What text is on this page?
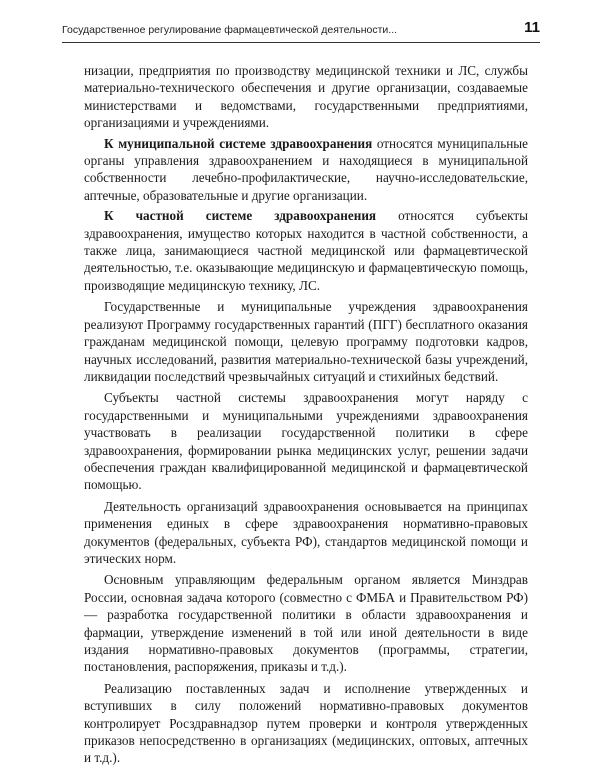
Государственное регулирование фармацевтической деятельности...	11

низации, предприятия по производству медицинской техники и ЛС, службы материально-технического обеспечения и другие организации, создаваемые министерствами и ведомствами, государственными предприятиями, организациями и учреждениями.

К муниципальной системе здравоохранения относятся муниципальные органы управления здравоохранением и находящиеся в муниципальной собственности лечебно-профилактические, научно-исследовательские, аптечные, образовательные и другие организации.

К частной системе здравоохранения относятся субъекты здравоохранения, имущество которых находится в частной собственности, а также лица, занимающиеся частной медицинской или фармацевтической деятельностью, т.е. оказывающие медицинскую и фармацевтическую помощь, производящие медицинскую технику, ЛС.

Государственные и муниципальные учреждения здравоохранения реализуют Программу государственных гарантий (ПГГ) бесплатного оказания гражданам медицинской помощи, целевую программу подготовки кадров, научных исследований, развития материально-технической базы учреждений, ликвидации последствий чрезвычайных ситуаций и стихийных бедствий.

Субъекты частной системы здравоохранения могут наряду с государственными и муниципальными учреждениями здравоохранения участвовать в реализации государственной политики в сфере здравоохранения, формировании рынка медицинских услуг, решении задачи обеспечения граждан квалифицированной медицинской и фармацевтической помощью.

Деятельность организаций здравоохранения основывается на принципах применения единых в сфере здравоохранения нормативно-правовых документов (федеральных, субъекта РФ), стандартов медицинской помощи и этических норм.

Основным управляющим федеральным органом является Минздрав России, основная задача которого (совместно с ФМБА и Правительством РФ) — разработка государственной политики в области здравоохранения и фармации, утверждение изменений в той или иной деятельности в виде издания нормативно-правовых документов (программы, стратегии, постановления, распоряжения, приказы и т.д.).

Реализацию поставленных задач и исполнение утвержденных и вступивших в силу положений нормативно-правовых документов контролирует Росздравнадзор путем проверки и контроля утвержденных приказов непосредственно в организациях (медицинских, оптовых, аптечных и т.д.).
